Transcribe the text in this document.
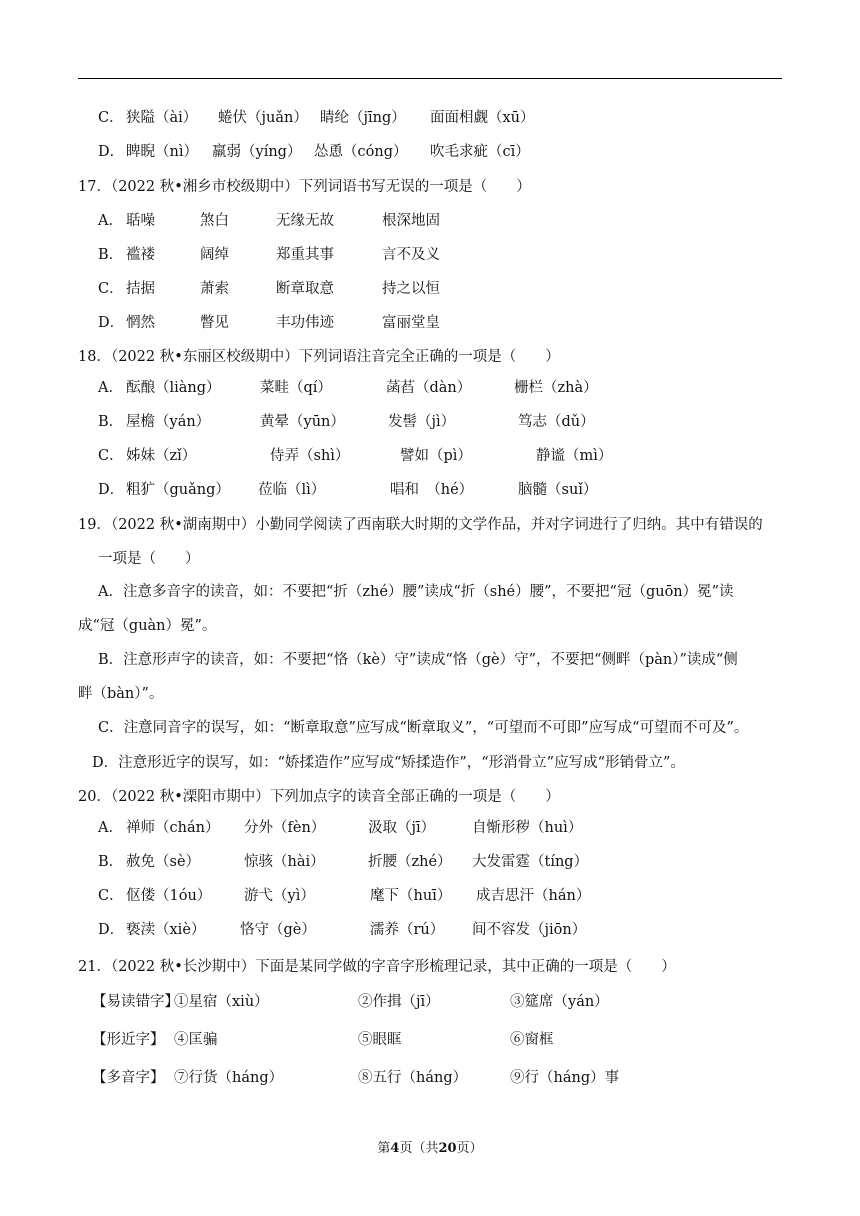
C． 狭隘（ài） 蜷伏（juǎn） 睛纶（jīng） 面面相觑（xū）
D． 睥睨（nì） 羸弱（yíng） 怂恿（cóng） 吹毛求疵（cī）
17．（2022 秋•湘乡市校级期中）下列词语书写无误的一项是（　　）
A． 聒噪	煞白	无缘无故	根深地固
B． 褴褛	阔绰	郑重其事	言不及义
C． 拮据	萧索	断章取意	持之以恒
D． 惘然	瞥见	丰功伟迹	富丽堂皇
18．（2022 秋•东丽区校级期中）下列词语注音完全正确的一项是（　　）
A． 酝酿（liàng）	菜畦（qí）	菡萏（dàn）	栅栏（zhà）
B． 屋檐（yán）	黄晕（yūn）	发髻（jì）	笃志（dǔ）
C． 姊妹（zǐ）	侍弄（shì）	譬如（pì）	静谧（mì）
D． 粗犷（guǎng） 莅临（lì）	唱和　（hé）	脑髓（suǐ）
19．（2022 秋•湖南期中）小勤同学阅读了西南联大时期的文学作品，并对字词进行了归纳。其中有错误的
一项是（　　）
A．注意多音字的读音，如：不要把“折（zhé）腰”读成“折（shé）腰”，不要把“冠（guōn）冕”读
成“冠（guàn）冕”。
B．注意形声字的读音，如：不要把“恪（kè）守”读成“恪（gè）守”，不要把“侧畔（pàn）”读成“侧
畔（bàn）”。
C．注意同音字的误写，如：“断章取意”应写成“断章取义”，“可望而不可即”应写成“可望而不可及”。
D．注意形近字的误写，如：“娇揉造作”应写成“矫揉造作”，“形消骨立”应写成“形销骨立”。
20．（2022 秋•溧阳市期中）下列加点字的读音全部正确的一项是（　　）
A． 禅师（chán） 分外（fèn）	汲取（jī）	自惭形秽（huì）
B． 赦免（sè）	惊骇（hài）	折腰（zhé） 大发雷霆（tíng）
C． 伛偻（1óu） 游弋（yì）	麾下（huī） 成吉思汗（hán）
D． 亵渎（xiè） 恪守（gè）	濡养（rú） 间不容发（jiōn）
21．（2022 秋•长沙期中）下面是某同学做的字音字形梳理记录，其中正确的一项是（　　）
【易读错字】
①星宿（xiù）	②作揖（jī）	③筵席（yán）
【形近字】 ④匡骗	⑤眼眶	⑥窗框
【多音字】 ⑦行货（háng）	⑧五行（háng）	⑨行（háng）事
第4页（共20页）
